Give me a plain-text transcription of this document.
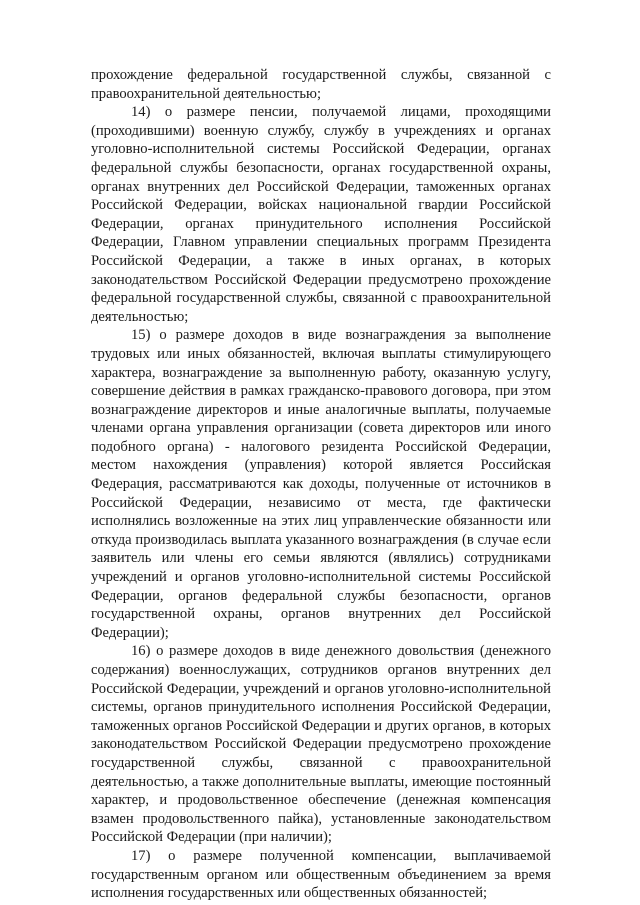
прохождение федеральной государственной службы, связанной с правоохранительной деятельностью;

14) о размере пенсии, получаемой лицами, проходящими (проходившими) военную службу, службу в учреждениях и органах уголовно-исполнительной системы Российской Федерации, органах федеральной службы безопасности, органах государственной охраны, органах внутренних дел Российской Федерации, таможенных органах Российской Федерации, войсках национальной гвардии Российской Федерации, органах принудительного исполнения Российской Федерации, Главном управлении специальных программ Президента Российской Федерации, а также в иных органах, в которых законодательством Российской Федерации предусмотрено прохождение федеральной государственной службы, связанной с правоохранительной деятельностью;

15) о размере доходов в виде вознаграждения за выполнение трудовых или иных обязанностей, включая выплаты стимулирующего характера, вознаграждение за выполненную работу, оказанную услугу, совершение действия в рамках гражданско-правового договора, при этом вознаграждение директоров и иные аналогичные выплаты, получаемые членами органа управления организации (совета директоров или иного подобного органа) - налогового резидента Российской Федерации, местом нахождения (управления) которой является Российская Федерация, рассматриваются как доходы, полученные от источников в Российской Федерации, независимо от места, где фактически исполнялись возложенные на этих лиц управленческие обязанности или откуда производилась выплата указанного вознаграждения (в случае если заявитель или члены его семьи являются (являлись) сотрудниками учреждений и органов уголовно-исполнительной системы Российской Федерации, органов федеральной службы безопасности, органов государственной охраны, органов внутренних дел Российской Федерации);

16) о размере доходов в виде денежного довольствия (денежного содержания) военнослужащих, сотрудников органов внутренних дел Российской Федерации, учреждений и органов уголовно-исполнительной системы, органов принудительного исполнения Российской Федерации, таможенных органов Российской Федерации и других органов, в которых законодательством Российской Федерации предусмотрено прохождение государственной службы, связанной с правоохранительной деятельностью, а также дополнительные выплаты, имеющие постоянный характер, и продовольственное обеспечение (денежная компенсация взамен продовольственного пайка), установленные законодательством Российской Федерации (при наличии);

17) о размере полученной компенсации, выплачиваемой государственным органом или общественным объединением за время исполнения государственных или общественных обязанностей;
